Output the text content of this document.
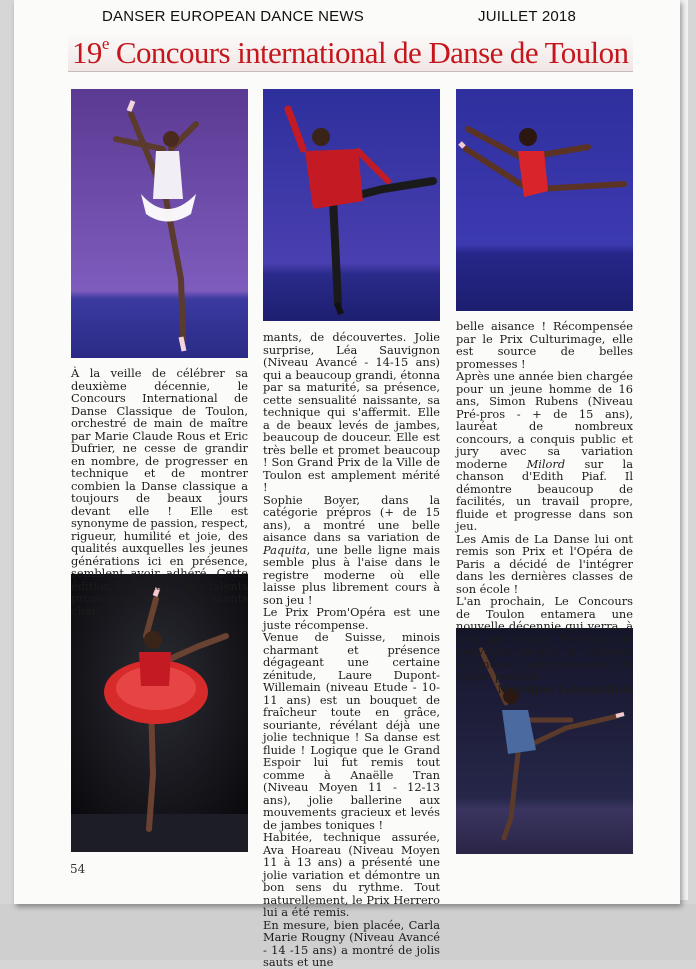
DANSER EUROPEAN DANCE NEWS	JUILLET 2018
19e Concours international de Danse de Toulon

À la veille de célébrer sa deuxième décennie, le Concours International de Danse Classique de Toulon, orchestré de main de maître par Marie Claude Rous et Eric Dufrier, ne cesse de grandir en nombre, de progresser en technique et de montrer combien la Danse classique a toujours de beaux jours devant elle ! Elle est synonyme de passion, respect, rigueur, humilité et joie, des qualités auxquelles les jeunes générations ici en présence, semblent avoir adhéré. Cette édition est riche de talents prometteurs, de moments char-

mants, de découvertes. Jolie surprise, Léa Sauvignon (Niveau Avancé - 14-15 ans) qui a beaucoup grandi, étonna par sa maturité, sa présence, cette sensualité naissante, sa technique qui s'affermit. Elle a de beaux levés de jambes, beaucoup de douceur. Elle est très belle et promet beaucoup ! Son Grand Prix de la Ville de Toulon est amplement mérité !

Sophie Boyer, dans la catégorie prépros (+ de 15 ans), a montré une belle aisance dans sa variation de Paquita, une belle ligne mais semble plus à l'aise dans le registre moderne où elle laisse plus librement cours à son jeu !

Le Prix Prom'Opéra est une juste récompense.

Venue de Suisse, minois charmant et présence dégageant une certaine zénitude, Laure Dupont-Willemain (niveau Etude - 10-11 ans) est un bouquet de fraîcheur toute en grâce, souriante, révélant déjà une jolie technique ! Sa danse est fluide ! Logique que le Grand Espoir lui fut remis tout comme à Anaëlle Tran (Niveau Moyen 11 - 12-13 ans), jolie ballerine aux mouvements gracieux et levés de jambes toniques !

Habitée, technique assurée, Ava Hoareau (Niveau Moyen 11 à 13 ans) a présenté une jolie variation et démontre un bon sens du rythme. Tout naturellement, le Prix Herrero lui a été remis.

En mesure, bien placée, Carla Marie Rougny (Niveau Avancé - 14 -15 ans) a montré de jolis sauts et une

belle aisance ! Récompensée par le Prix Culturimage, elle est source de belles promesses !

Après une année bien chargée pour un jeune homme de 16 ans, Simon Rubens (Niveau Pré-pros - + de 15 ans), lauréat de nombreux concours, a conquis public et jury avec sa variation moderne Milord sur la chanson d'Edith Piaf. Il démontre beaucoup de facilités, un travail propre, fluide et progresse dans son jeu.

Les Amis de La Danse lui ont remis son Prix et l'Opéra de Paris a décidé de l'intégrer dans les dernières classes de son école !

L'an prochain, Le Concours de Toulon entamera une nouvelle décennie qui verra, à n'en pas douter, l'éclosion de nouveaux talents et toujours le même enthousiasme, la même passion.

Monique Lerouvillois

54
